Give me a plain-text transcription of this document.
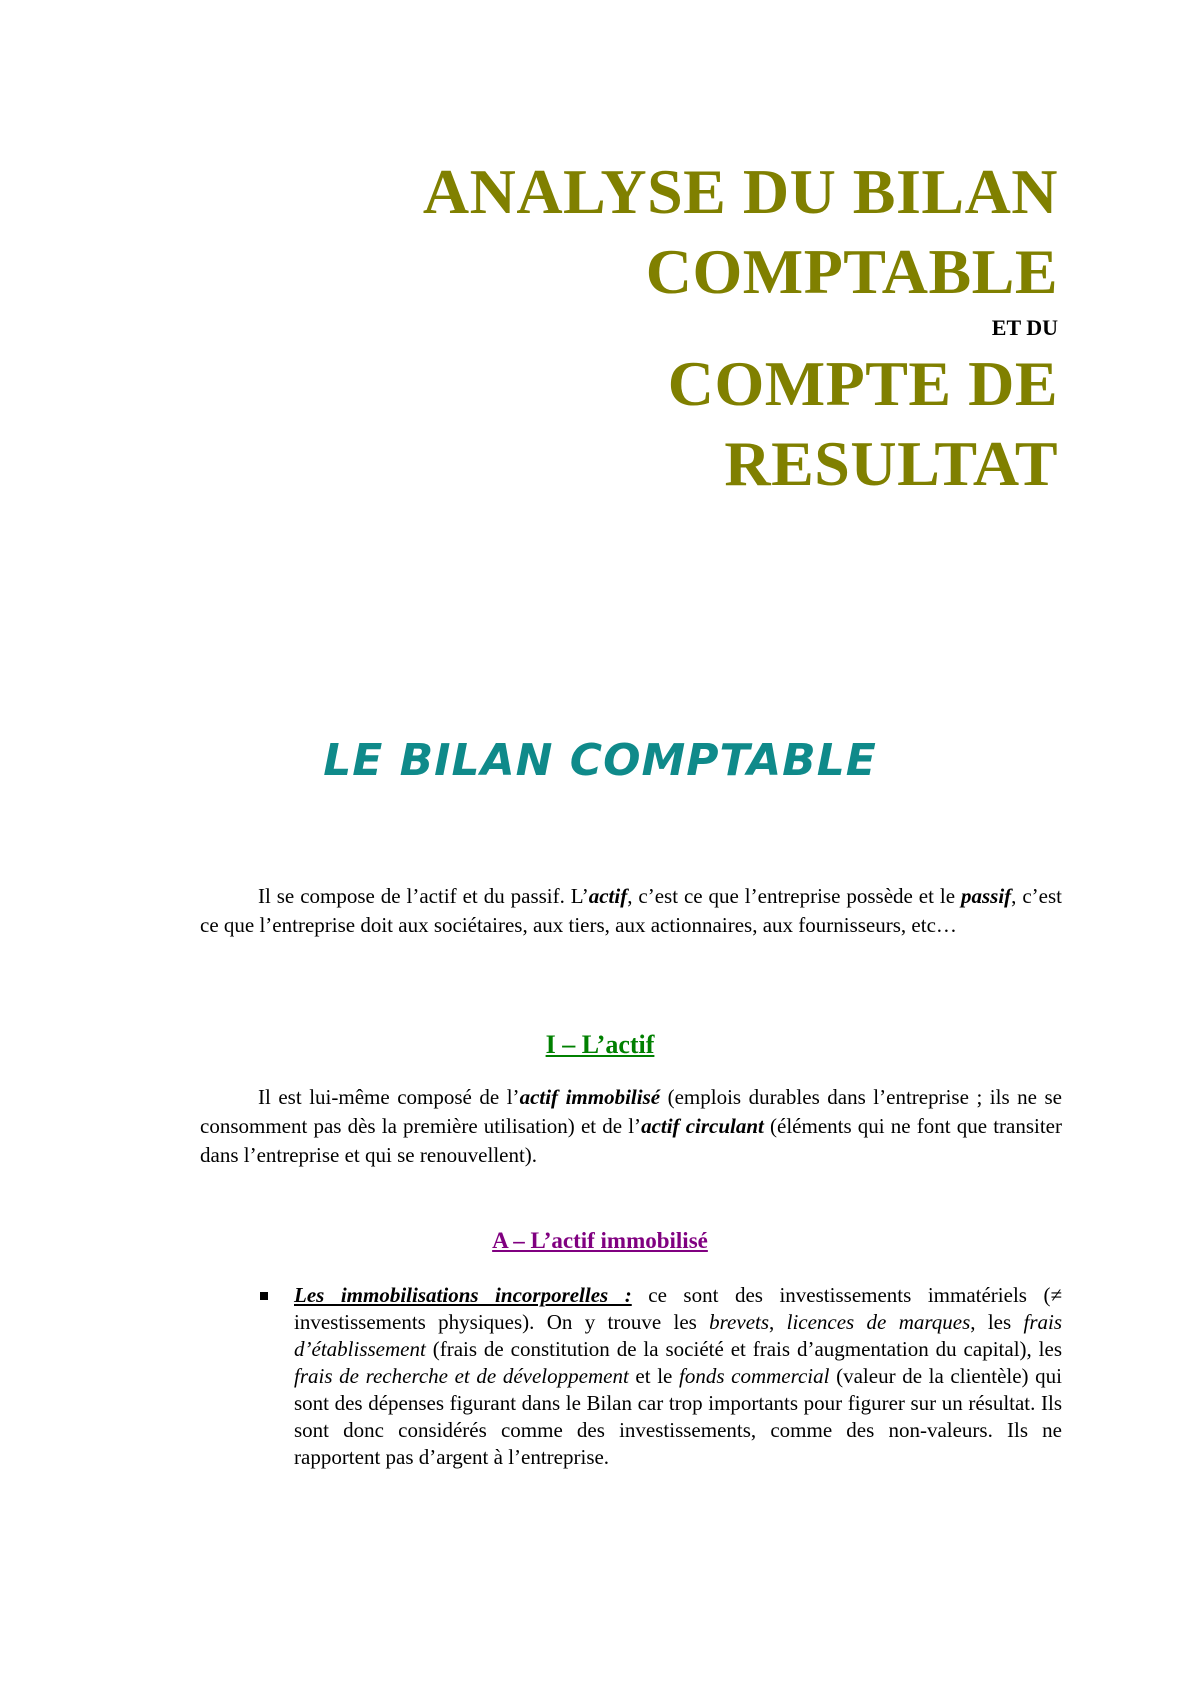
ANALYSE DU BILAN
COMPTABLE
ET DU
COMPTE DE
RESULTAT
LE BILAN COMPTABLE
Il se compose de l’actif et du passif. L’actif, c’est ce que l’entreprise possède et le passif, c’est ce que l’entreprise doit aux sociétaires, aux tiers, aux actionnaires, aux fournisseurs, etc…
I – L’actif
Il est lui-même composé de l’actif immobilisé (emplois durables dans l’entreprise ; ils ne se consomment pas dès la première utilisation) et de l’actif circulant (éléments qui ne font que transiter dans l’entreprise et qui se renouvellent).
A – L’actif immobilisé
Les immobilisations incorporelles : ce sont des investissements immatériels (≠ investissements physiques). On y trouve les brevets, licences de marques, les frais d’établissement (frais de constitution de la société et frais d’augmentation du capital), les frais de recherche et de développement et le fonds commercial (valeur de la clientèle) qui sont des dépenses figurant dans le Bilan car trop importants pour figurer sur un résultat. Ils sont donc considérés comme des investissements, comme des non-valeurs. Ils ne rapportent pas d’argent à l’entreprise.
